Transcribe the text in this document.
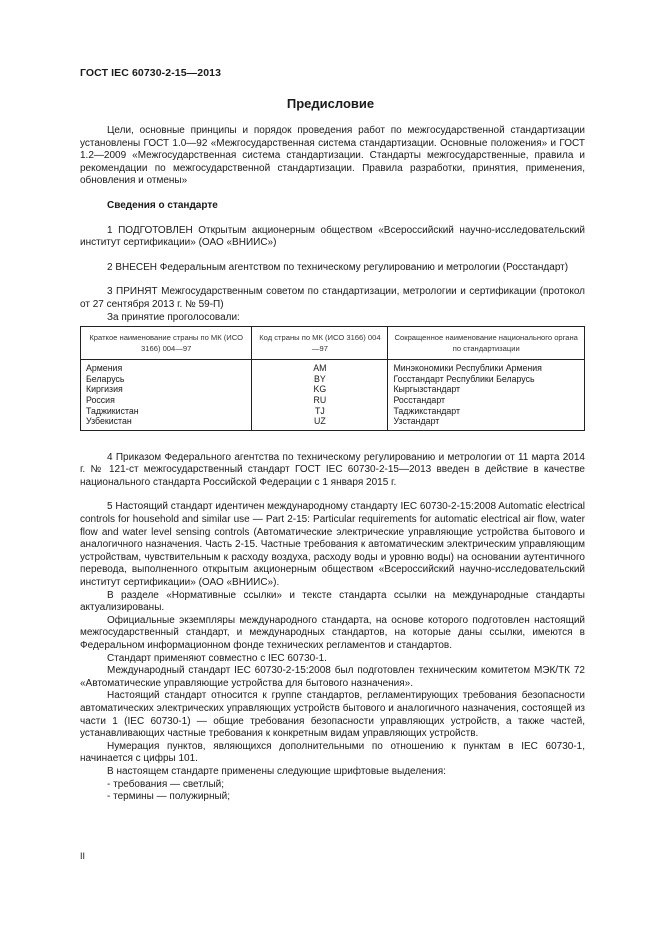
ГОСТ IEC 60730-2-15—2013
Предисловие

Цели, основные принципы и порядок проведения работ по межгосударственной стандартизации установлены ГОСТ 1.0—92 «Межгосударственная система стандартизации. Основные положения» и ГОСТ 1.2—2009 «Межгосударственная система стандартизации. Стандарты межгосударственные, правила и рекомендации по межгосударственной стандартизации. Правила разработки, принятия, применения, обновления и отмены»

Сведения о стандарте

1 ПОДГОТОВЛЕН Открытым акционерным обществом «Всероссийский научно-исследовательский институт сертификации» (ОАО «ВНИИС»)

2 ВНЕСЕН Федеральным агентством по техническому регулированию и метрологии (Росстандарт)

3 ПРИНЯТ Межгосударственным советом по стандартизации, метрологии и сертификации (протокол от 27 сентября 2013 г. № 59-П)

За принятие проголосовали:

Краткое наименование страны по МК (ИСО 3166) 004—97	Код страны по МК (ИСО 3166) 004—97	Сокращенное наименование национального органа по стандартизации
Армения	AM	Минэкономики Республики Армения
Беларусь	BY	Госстандарт Республики Беларусь
Киргизия	KG	Кыргызстандарт
Россия	RU	Росстандарт
Таджикистан	TJ	Таджикстандарт
Узбекистан	UZ	Узстандарт

4 Приказом Федерального агентства по техническому регулированию и метрологии от 11 марта 2014 г. № 121-ст межгосударственный стандарт ГОСТ IEC 60730-2-15—2013 введен в действие в качестве национального стандарта Российской Федерации с 1 января 2015 г.

5 Настоящий стандарт идентичен международному стандарту IEC 60730-2-15:2008 Automatic electrical controls for household and similar use — Part 2-15: Particular requirements for automatic electrical air flow, water flow and water level sensing controls (Автоматические электрические управляющие устройства бытового и аналогичного назначения. Часть 2-15. Частные требования к автоматическим электрическим управляющим устройствам, чувствительным к расходу воздуха, расходу воды и уровню воды) на основании аутентичного перевода, выполненного открытым акционерным обществом «Всероссийский научно-исследовательский институт сертификации» (ОАО «ВНИИС»).

В разделе «Нормативные ссылки» и тексте стандарта ссылки на международные стандарты актуализированы.

Официальные экземпляры международного стандарта, на основе которого подготовлен настоящий межгосударственный стандарт, и международных стандартов, на которые даны ссылки, имеются в Федеральном информационном фонде технических регламентов и стандартов.

Стандарт применяют совместно с IEC 60730-1.

Международный стандарт IEC 60730-2-15:2008 был подготовлен техническим комитетом МЭК/ТК 72 «Автоматические управляющие устройства для бытового назначения».

Настоящий стандарт относится к группе стандартов, регламентирующих требования безопасности автоматических электрических управляющих устройств бытового и аналогичного назначения, состоящей из части 1 (IEC 60730-1) — общие требования безопасности управляющих устройств, а также частей, устанавливающих частные требования к конкретным видам управляющих устройств.

Нумерация пунктов, являющихся дополнительными по отношению к пунктам в IEC 60730-1, начинается с цифры 101.

В настоящем стандарте применены следующие шрифтовые выделения:

- требования — светлый;

- термины — полужирный;

II
